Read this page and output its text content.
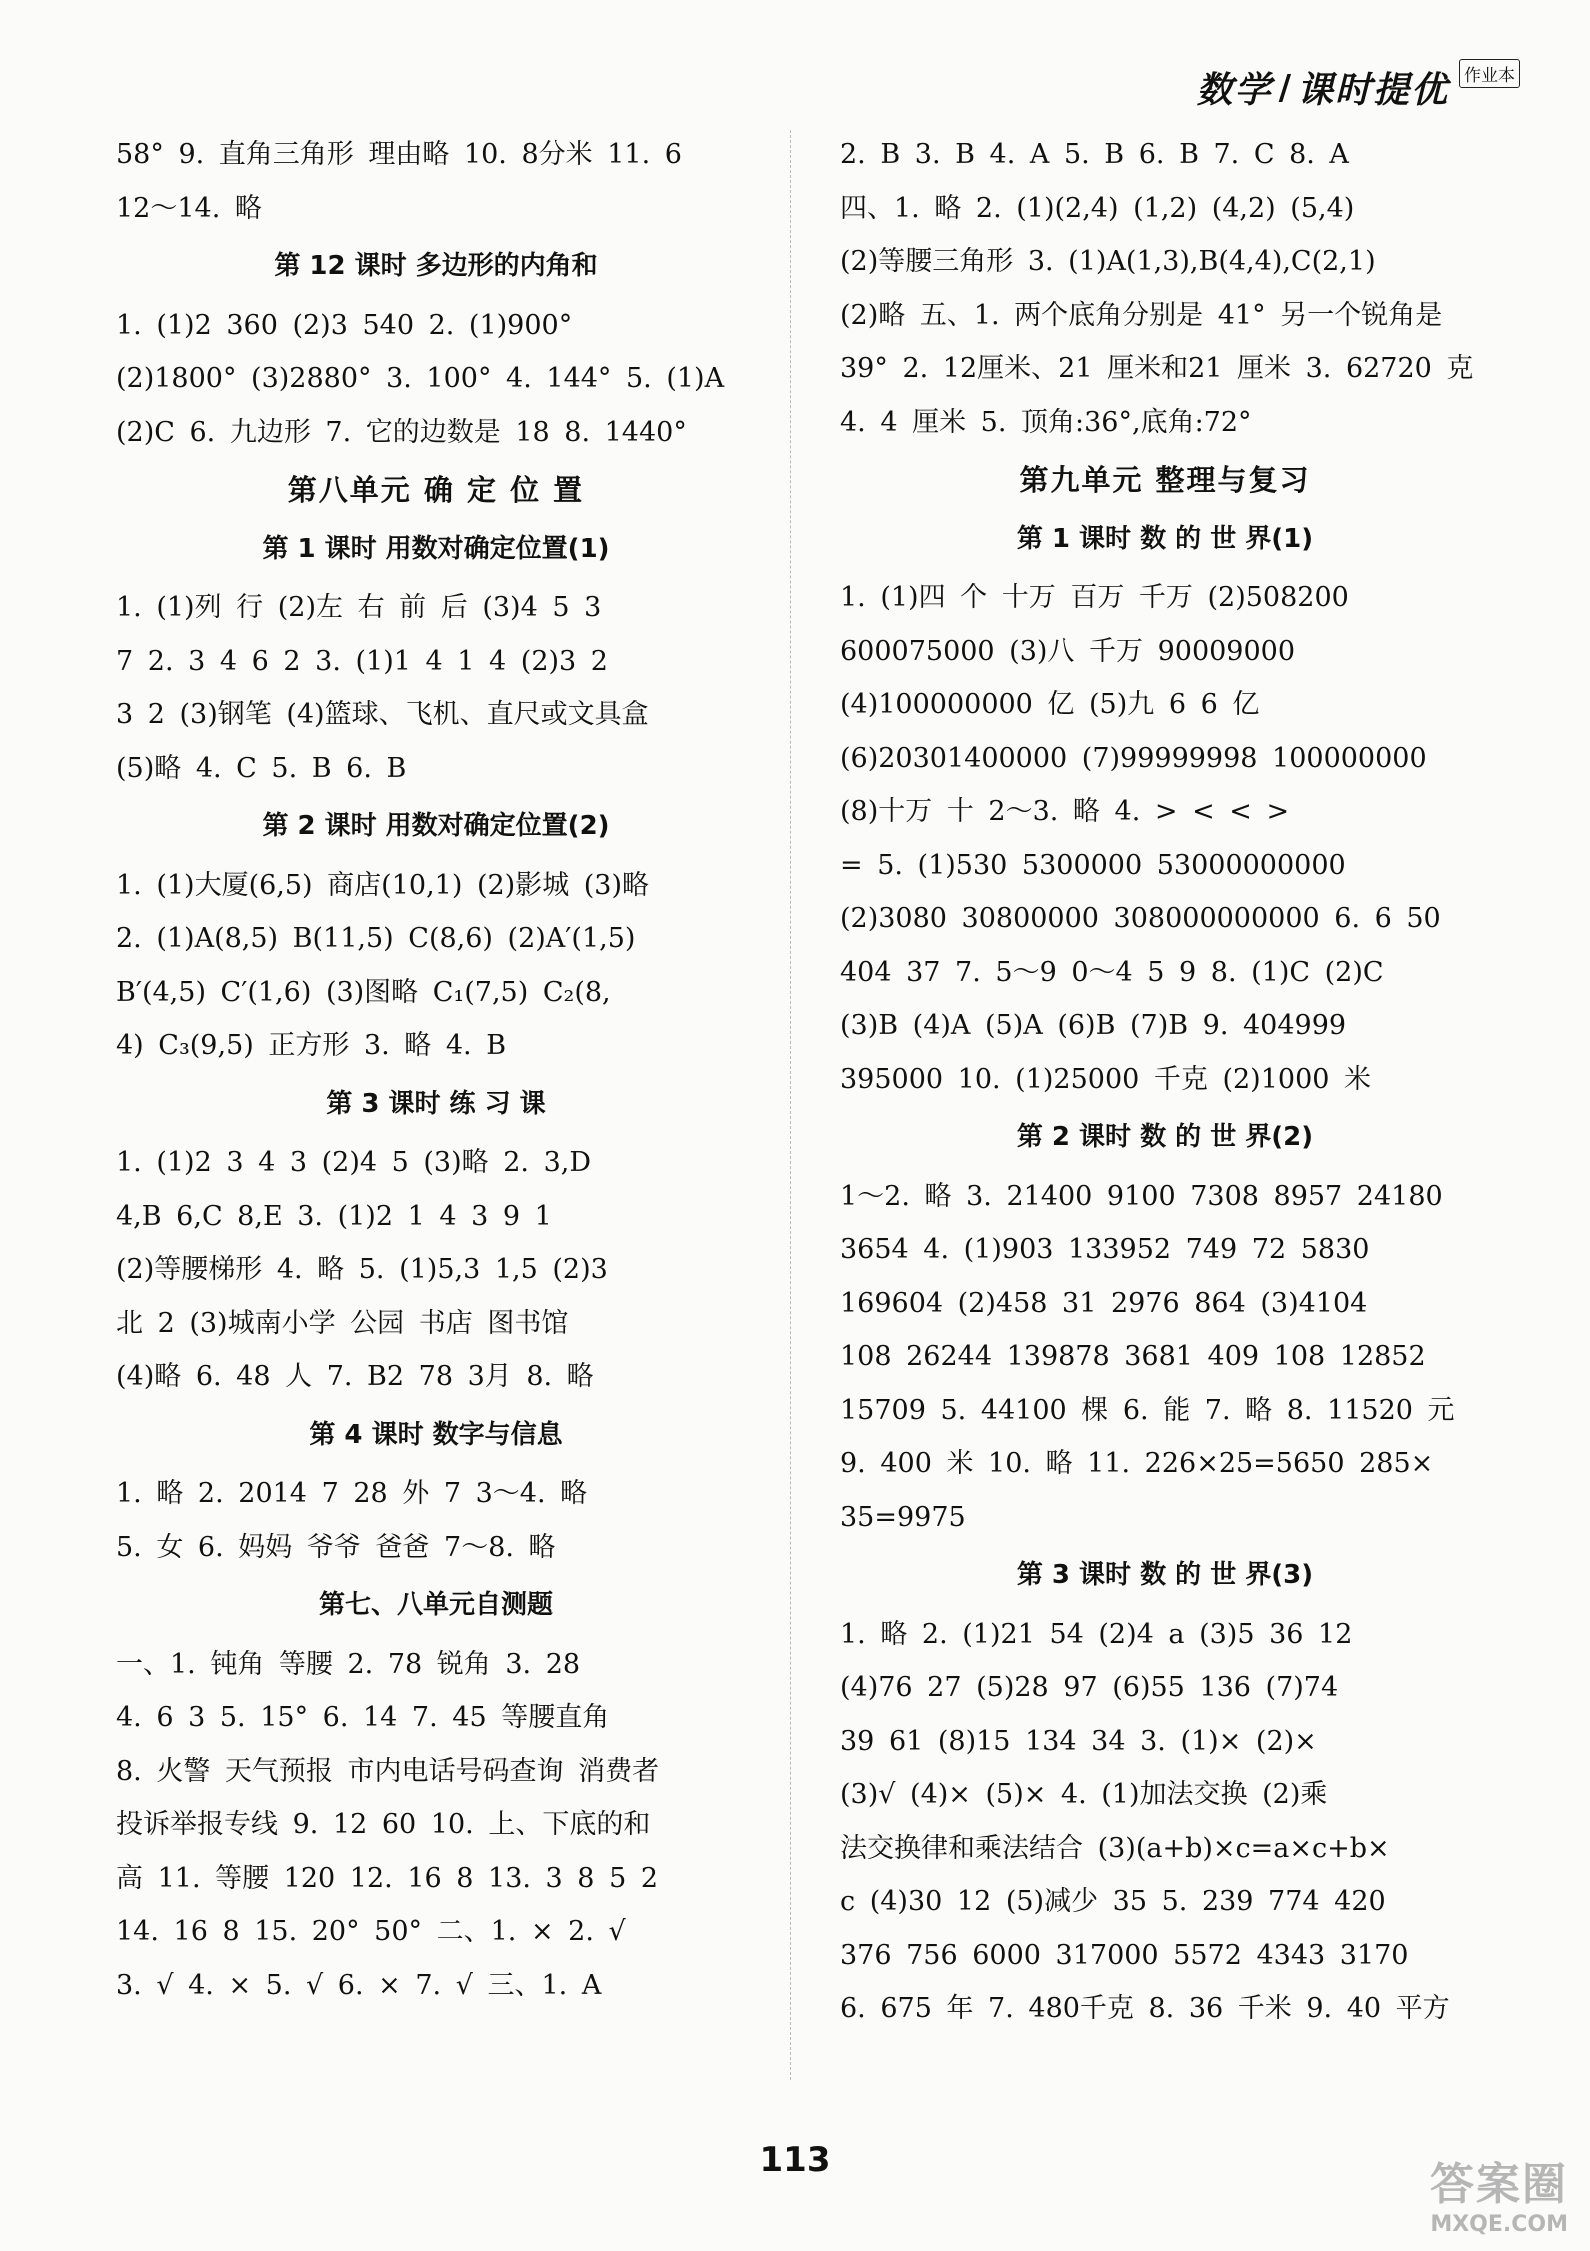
数学 / 课时提优 作业本
58° 9. 直角三角形 理由略 10. 8分米 11. 6
12～14. 略
第 12 课时 多边形的内角和
1. (1)2 360 (2)3 540 2. (1)900°
(2)1800° (3)2880° 3. 100° 4. 144° 5. (1)A
(2)C 6. 九边形 7. 它的边数是 18 8. 1440°
第八单元 确 定 位 置
第 1 课时 用数对确定位置(1)
1. (1)列 行 (2)左 右 前 后 (3)4 5 3
7 2. 3 4 6 2 3. (1)1 4 1 4 (2)3 2
3 2 (3)钢笔 (4)篮球、飞机、直尺或文具盒
(5)略 4. C 5. B 6. B
第 2 课时 用数对确定位置(2)
1. (1)大厦(6,5) 商店(10,1) (2)影城 (3)略
2. (1)A(8,5) B(11,5) C(8,6) (2)A′(1,5)
B′(4,5) C′(1,6) (3)图略 C₁(7,5) C₂(8,
4) C₃(9,5) 正方形 3. 略 4. B
第 3 课时 练 习 课
1. (1)2 3 4 3 (2)4 5 (3)略 2. 3,D
4,B 6,C 8,E 3. (1)2 1 4 3 9 1
(2)等腰梯形 4. 略 5. (1)5,3 1,5 (2)3
北 2 (3)城南小学 公园 书店 图书馆
(4)略 6. 48 人 7. B2 78 3月 8. 略
第 4 课时 数字与信息
1. 略 2. 2014 7 28 外 7 3～4. 略
5. 女 6. 妈妈 爷爷 爸爸 7～8. 略
第七、八单元自测题
一、1. 钝角 等腰 2. 78 锐角 3. 28
4. 6 3 5. 15° 6. 14 7. 45 等腰直角
8. 火警 天气预报 市内电话号码查询 消费者
投诉举报专线 9. 12 60 10. 上、下底的和
高 11. 等腰 120 12. 16 8 13. 3 8 5 2
14. 16 8 15. 20° 50° 二、1. × 2. √
3. √ 4. × 5. √ 6. × 7. √ 三、1. A
2. B 3. B 4. A 5. B 6. B 7. C 8. A
四、1. 略 2. (1)(2,4) (1,2) (4,2) (5,4)
(2)等腰三角形 3. (1)A(1,3),B(4,4),C(2,1)
(2)略 五、1. 两个底角分别是 41° 另一个锐角是
39° 2. 12厘米、21 厘米和21 厘米 3. 62720 克
4. 4 厘米 5. 顶角:36°,底角:72°
第九单元 整理与复习
第 1 课时 数 的 世 界(1)
1. (1)四 个 十万 百万 千万 (2)508200
600075000 (3)八 千万 90009000
(4)100000000 亿 (5)九 6 6 亿
(6)20301400000 (7)99999998 100000000
(8)十万 十 2～3. 略 4. > < < >
= 5. (1)530 5300000 53000000000
(2)3080 30800000 308000000000 6. 6 50
404 37 7. 5～9 0～4 5 9 8. (1)C (2)C
(3)B (4)A (5)A (6)B (7)B 9. 404999
395000 10. (1)25000 千克 (2)1000 米
第 2 课时 数 的 世 界(2)
1～2. 略 3. 21400 9100 7308 8957 24180
3654 4. (1)903 133952 749 72 5830
169604 (2)458 31 2976 864 (3)4104
108 26244 139878 3681 409 108 12852
15709 5. 44100 棵 6. 能 7. 略 8. 11520 元
9. 400 米 10. 略 11. 226×25=5650 285×
35=9975
第 3 课时 数 的 世 界(3)
1. 略 2. (1)21 54 (2)4 a (3)5 36 12
(4)76 27 (5)28 97 (6)55 136 (7)74
39 61 (8)15 134 34 3. (1)× (2)×
(3)√ (4)× (5)× 4. (1)加法交换 (2)乘
法交换律和乘法结合 (3)(a+b)×c=a×c+b×
c (4)30 12 (5)减少 35 5. 239 774 420
376 756 6000 317000 5572 4343 3170
6. 675 年 7. 480千克 8. 36 千米 9. 40 平方
113	答案圈
MXQE.COM
